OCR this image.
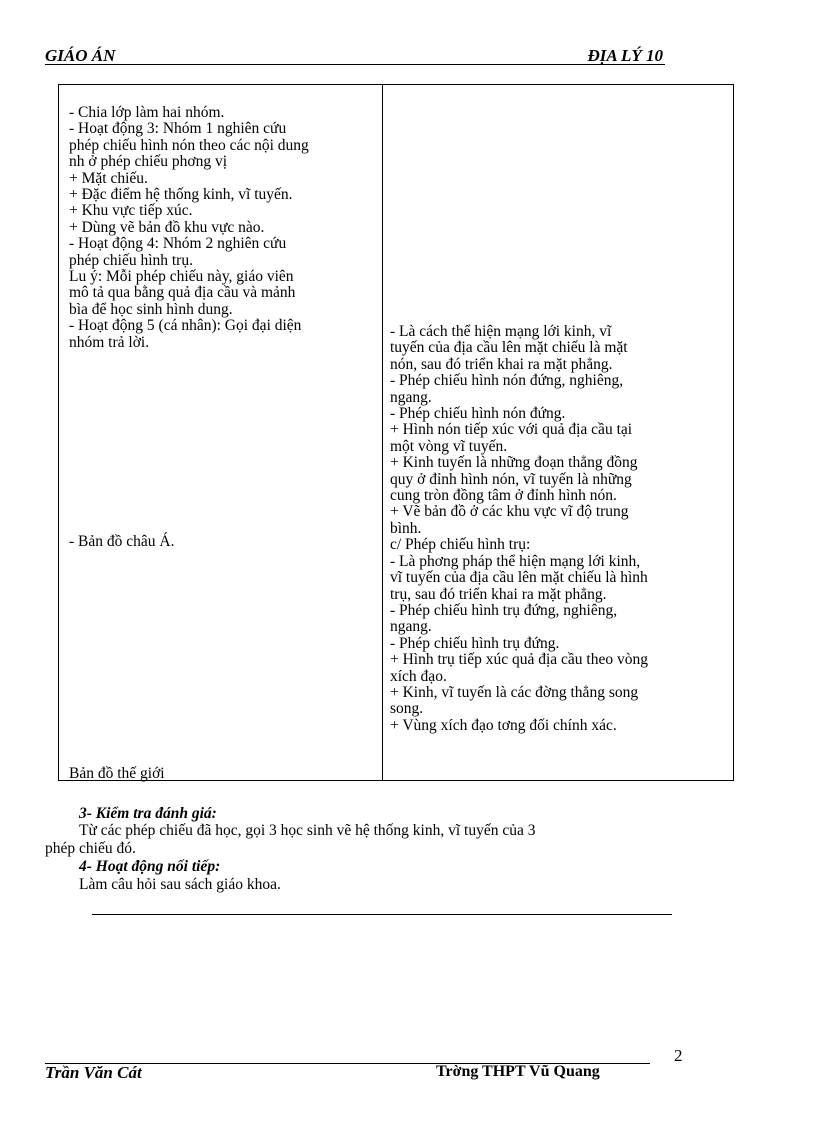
GIÁO ÁN	ĐỊA LÝ 10
- Chia lớp làm hai nhóm.
- Hoạt động 3: Nhóm 1 nghiên cứu
phép chiếu hình nón theo các nội dung
nh ở phép chiếu phơng vị
+ Mặt chiếu.
+ Đặc điểm hệ thống kinh, vĩ tuyến.
+ Khu vực tiếp xúc.
+ Dùng vẽ bản đồ khu vực nào.
- Hoạt động 4: Nhóm 2 nghiên cứu
phép chiếu hình trụ.
Lu ý: Mỗi phép chiếu này, giáo viên
mô tả qua bằng quả địa cầu và mảnh
bìa để học sinh hình dung.
- Hoạt động 5 (cá nhân): Gọi đại diện
nhóm trả lời.
- Bản đồ châu Á.
Bản đồ thế giới
- Là cách thể hiện mạng lới kinh, vĩ
tuyến của địa cầu lên mặt chiếu là mặt
nón, sau đó triển khai ra mặt phẳng.
- Phép chiếu hình nón đứng, nghiêng,
ngang.
- Phép chiếu hình nón đứng.
+ Hình nón tiếp xúc với quả địa cầu tại
một vòng vĩ tuyến.
+ Kinh tuyến là những đoạn thẳng đồng
quy ở đỉnh hình nón, vĩ tuyến là những
cung tròn đồng tâm ở đỉnh hình nón.
+ Vẽ bản đồ ở các khu vực vĩ độ trung
bình.
c/ Phép chiếu hình trụ:
- Là phơng pháp thể hiện mạng lới kinh,
vĩ tuyến của địa cầu lên mặt chiếu là hình
trụ, sau đó triển khai ra mặt phẳng.
- Phép chiếu hình trụ đứng, nghiêng,
ngang.
- Phép chiếu hình trụ đứng.
+ Hình trụ tiếp xúc quả địa cầu theo vòng
xích đạo.
+ Kinh, vĩ tuyến là các đờng thẳng song
song.
+ Vùng xích đạo tơng đối chính xác.
3- Kiểm tra đánh giá:
Từ các phép chiếu đã học, gọi 3 học sinh vẽ hệ thống kinh, vĩ tuyến của 3
phép chiếu đó.
4- Hoạt động nối tiếp:
Làm câu hỏi sau sách giáo khoa.
2
Trần Văn Cát	Trờng THPT Vũ Quang
